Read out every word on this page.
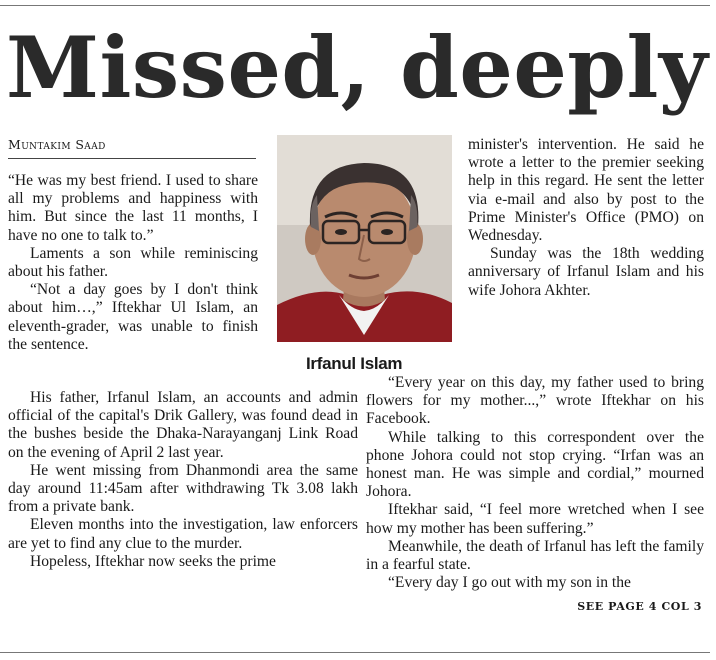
Missed, deeply
Muntakim Saad

“He was my best friend. I used to share all my problems and happiness with him. But since the last 11 months, I have no one to talk to.”

Laments a son while reminiscing about his father.

“Not a day goes by I don't think about him…,” Iftekhar Ul Islam, an eleventh-grader, was unable to finish the sentence.

Irfanul Islam

minister's intervention. He said he wrote a letter to the premier seeking help in this regard. He sent the letter via e-mail and also by post to the Prime Minister's Office (PMO) on Wednesday.

Sunday was the 18th wedding anniversary of Irfanul Islam and his wife Johora Akhter.

His father, Irfanul Islam, an accounts and admin official of the capital's Drik Gallery, was found dead in the bushes beside the Dhaka-Narayanganj Link Road on the evening of April 2 last year.

He went missing from Dhanmondi area the same day around 11:45am after withdrawing Tk 3.08 lakh from a private bank.

Eleven months into the investigation, law enforcers are yet to find any clue to the murder.

Hopeless, Iftekhar now seeks the prime

“Every year on this day, my father used to bring flowers for my mother...,” wrote Iftekhar on his Facebook.

While talking to this correspondent over the phone Johora could not stop crying. “Irfan was an honest man. He was simple and cordial,” mourned Johora.

Iftekhar said, “I feel more wretched when I see how my mother has been suffering.”

Meanwhile, the death of Irfanul has left the family in a fearful state.

“Every day I go out with my son in the

SEE PAGE 4 COL 3
